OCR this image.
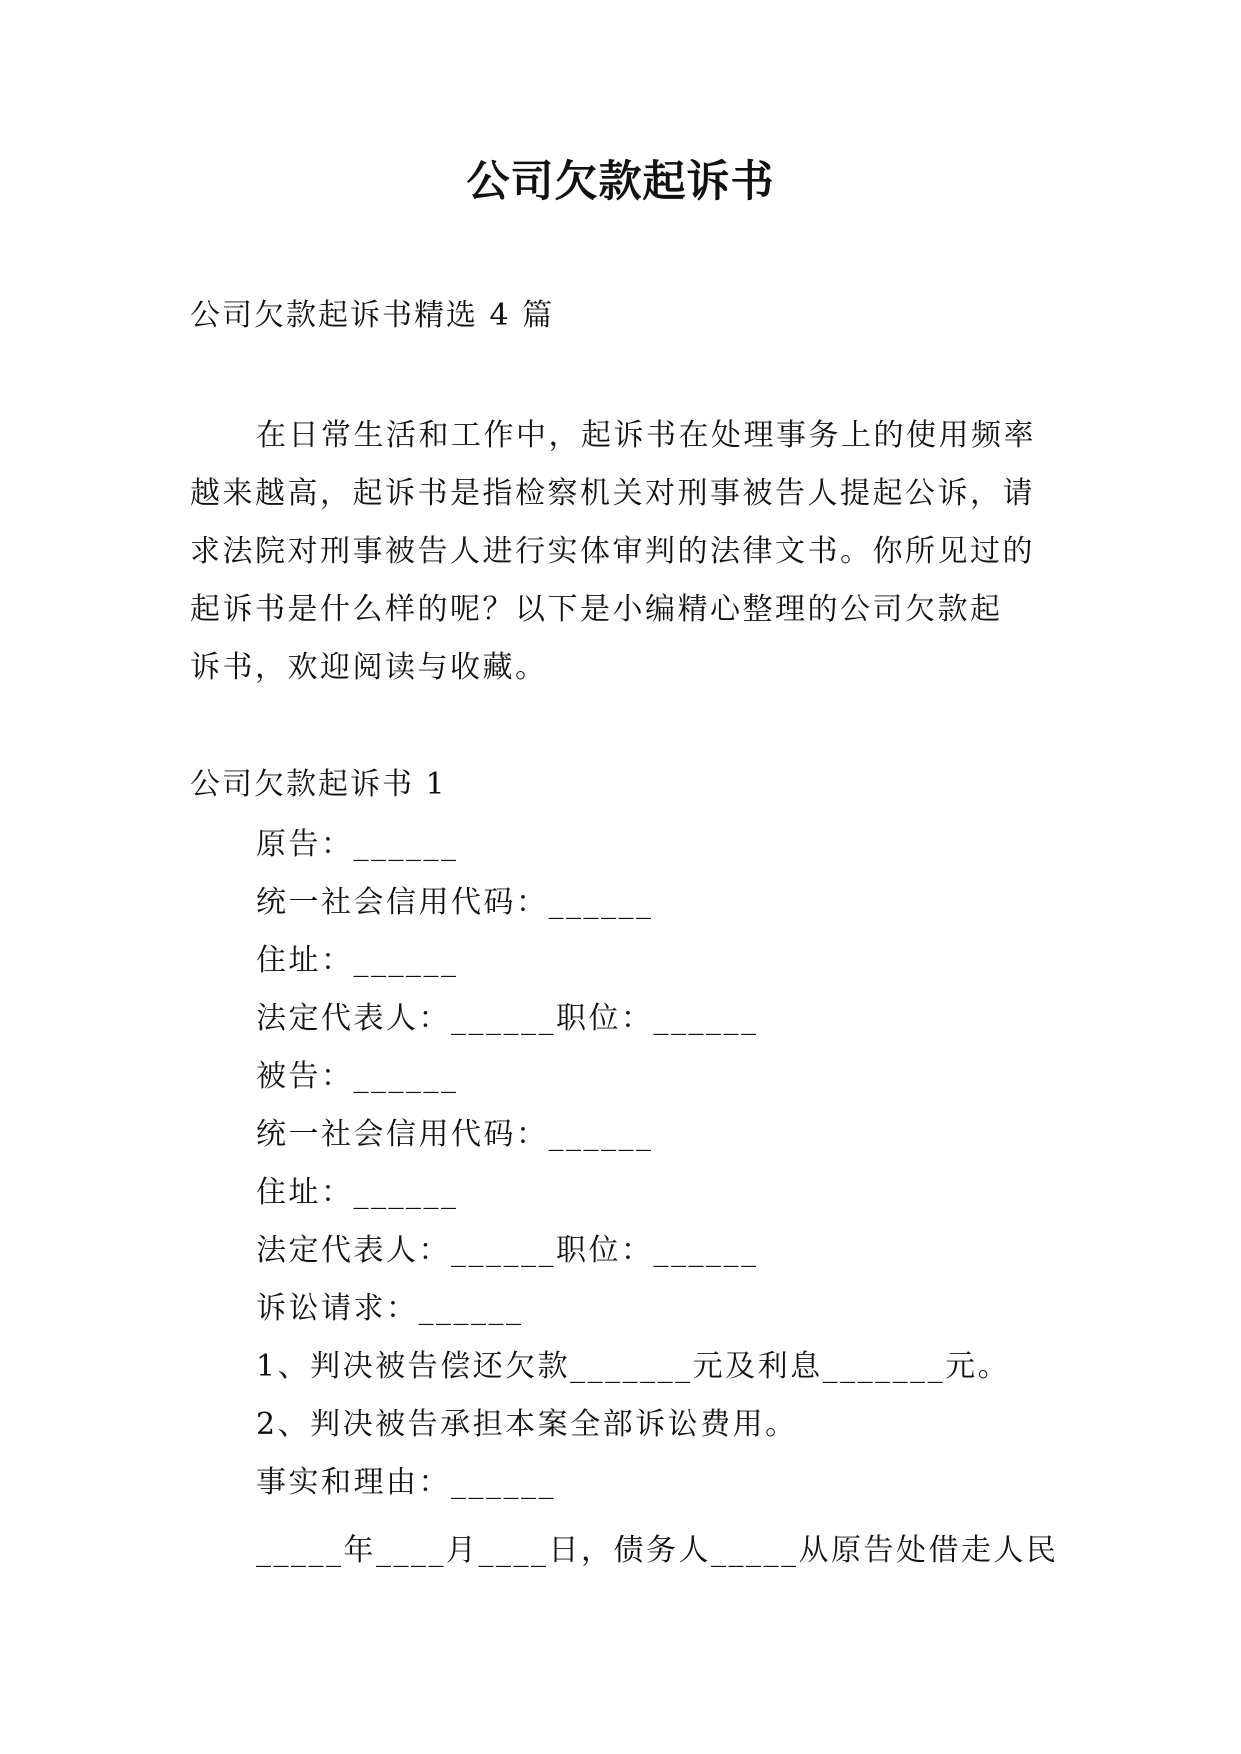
公司欠款起诉书
公司欠款起诉书精选 4 篇
在日常生活和工作中，起诉书在处理事务上的使用频率
越来越高，起诉书是指检察机关对刑事被告人提起公诉，请
求法院对刑事被告人进行实体审判的法律文书。你所见过的
起诉书是什么样的呢？以下是小编精心整理的公司欠款起
诉书，欢迎阅读与收藏。
公司欠款起诉书 1
原告：______
统一社会信用代码：______
住址：______
法定代表人：______职位：______
被告：______
统一社会信用代码：______
住址：______
法定代表人：______职位：______
诉讼请求：______
1、判决被告偿还欠款_______元及利息_______元。
2、判决被告承担本案全部诉讼费用。
事实和理由：______
_____年____月____日，债务人_____从原告处借走人民
